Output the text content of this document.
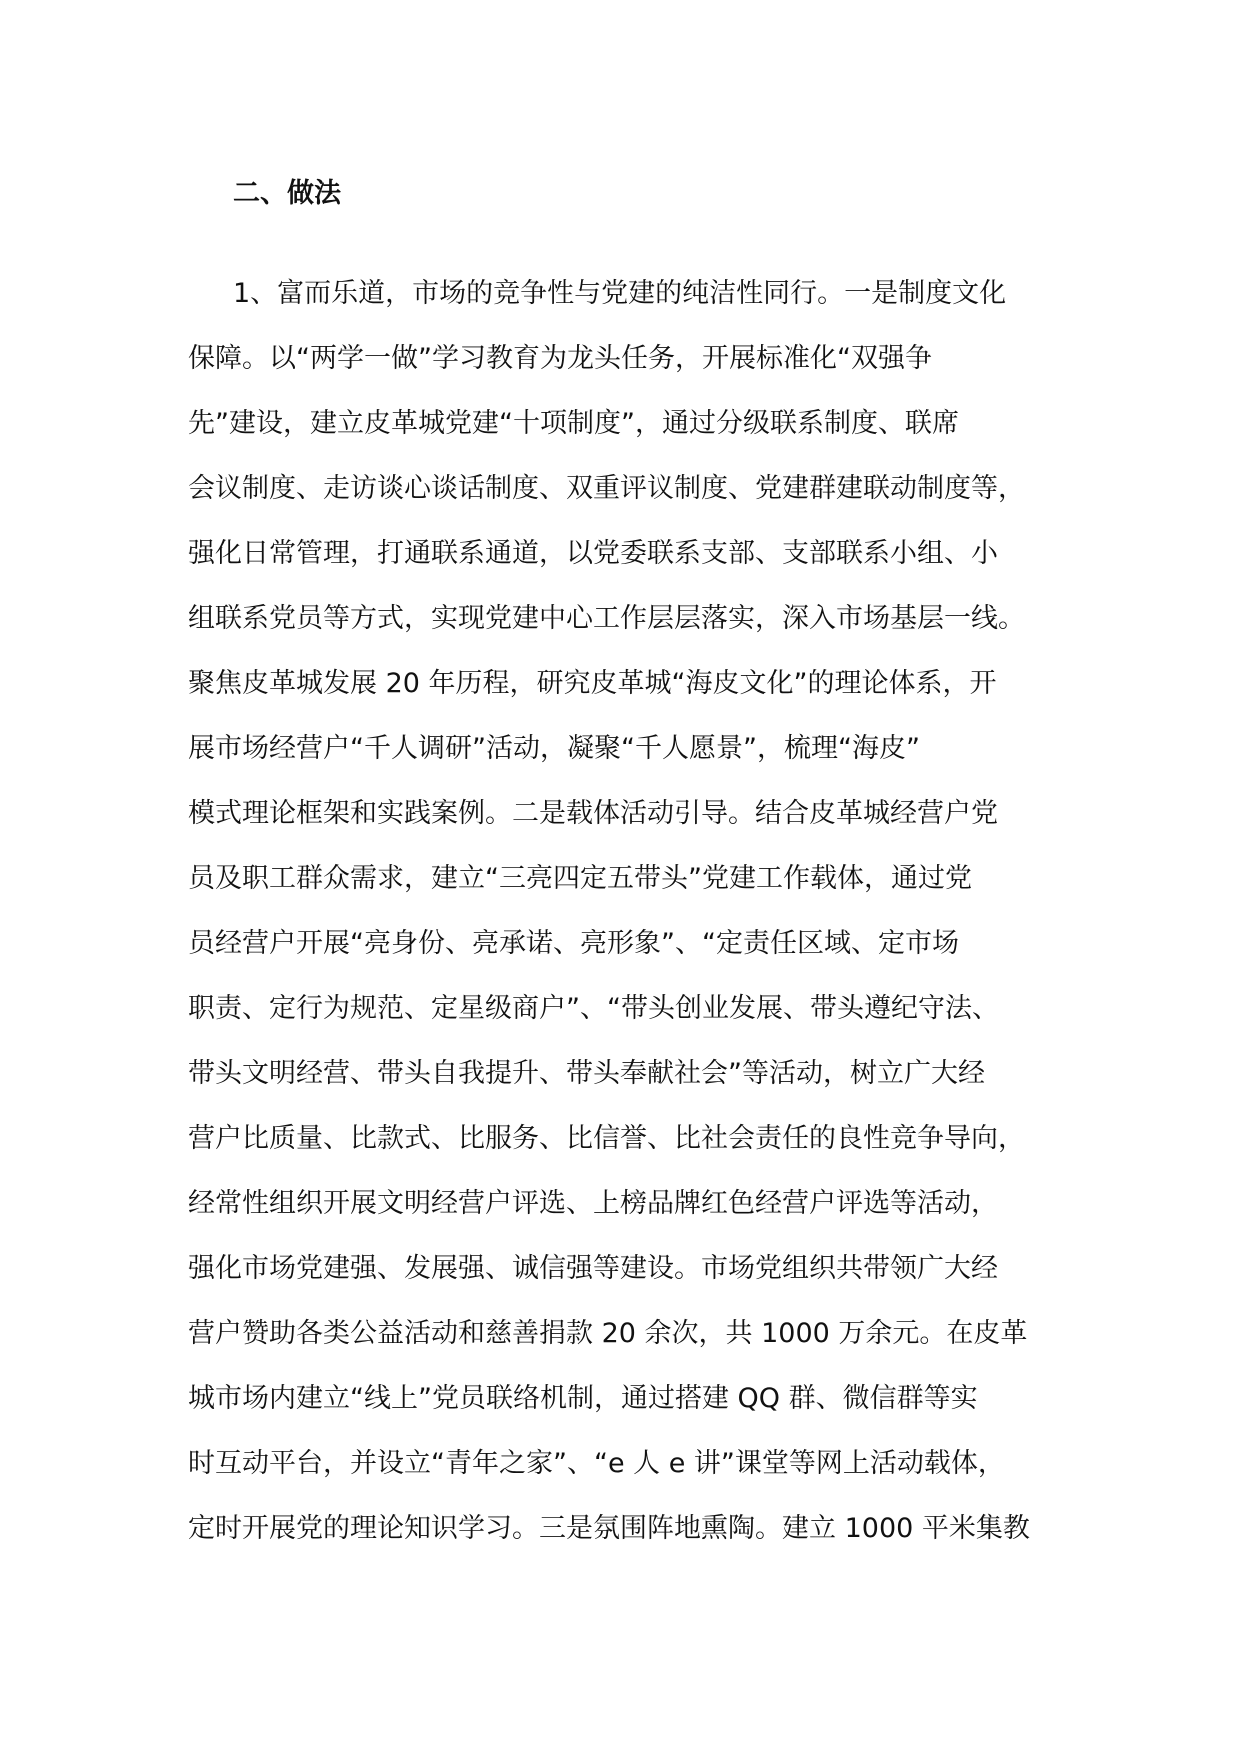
二、做法
1、富而乐道，市场的竞争性与党建的纯洁性同行。一是制度文化
保障。以“两学一做”学习教育为龙头任务，开展标准化“双强争
先”建设，建立皮革城党建“十项制度”，通过分级联系制度、联席
会议制度、走访谈心谈话制度、双重评议制度、党建群建联动制度等，
强化日常管理，打通联系通道，以党委联系支部、支部联系小组、小
组联系党员等方式，实现党建中心工作层层落实，深入市场基层一线。
聚焦皮革城发展 20 年历程，研究皮革城“海皮文化”的理论体系，开
展市场经营户“千人调研”活动，凝聚“千人愿景”，梳理“海皮”
模式理论框架和实践案例。二是载体活动引导。结合皮革城经营户党
员及职工群众需求，建立“三亮四定五带头”党建工作载体，通过党
员经营户开展“亮身份、亮承诺、亮形象”、“定责任区域、定市场
职责、定行为规范、定星级商户”、“带头创业发展、带头遵纪守法、
带头文明经营、带头自我提升、带头奉献社会”等活动，树立广大经
营户比质量、比款式、比服务、比信誉、比社会责任的良性竞争导向，
经常性组织开展文明经营户评选、上榜品牌红色经营户评选等活动，
强化市场党建强、发展强、诚信强等建设。市场党组织共带领广大经
营户赞助各类公益活动和慈善捐款 20 余次，共 1000 万余元。在皮革
城市场内建立“线上”党员联络机制，通过搭建 QQ 群、微信群等实
时互动平台，并设立“青年之家”、“e 人 e 讲”课堂等网上活动载体，
定时开展党的理论知识学习。三是氛围阵地熏陶。建立 1000 平米集教
